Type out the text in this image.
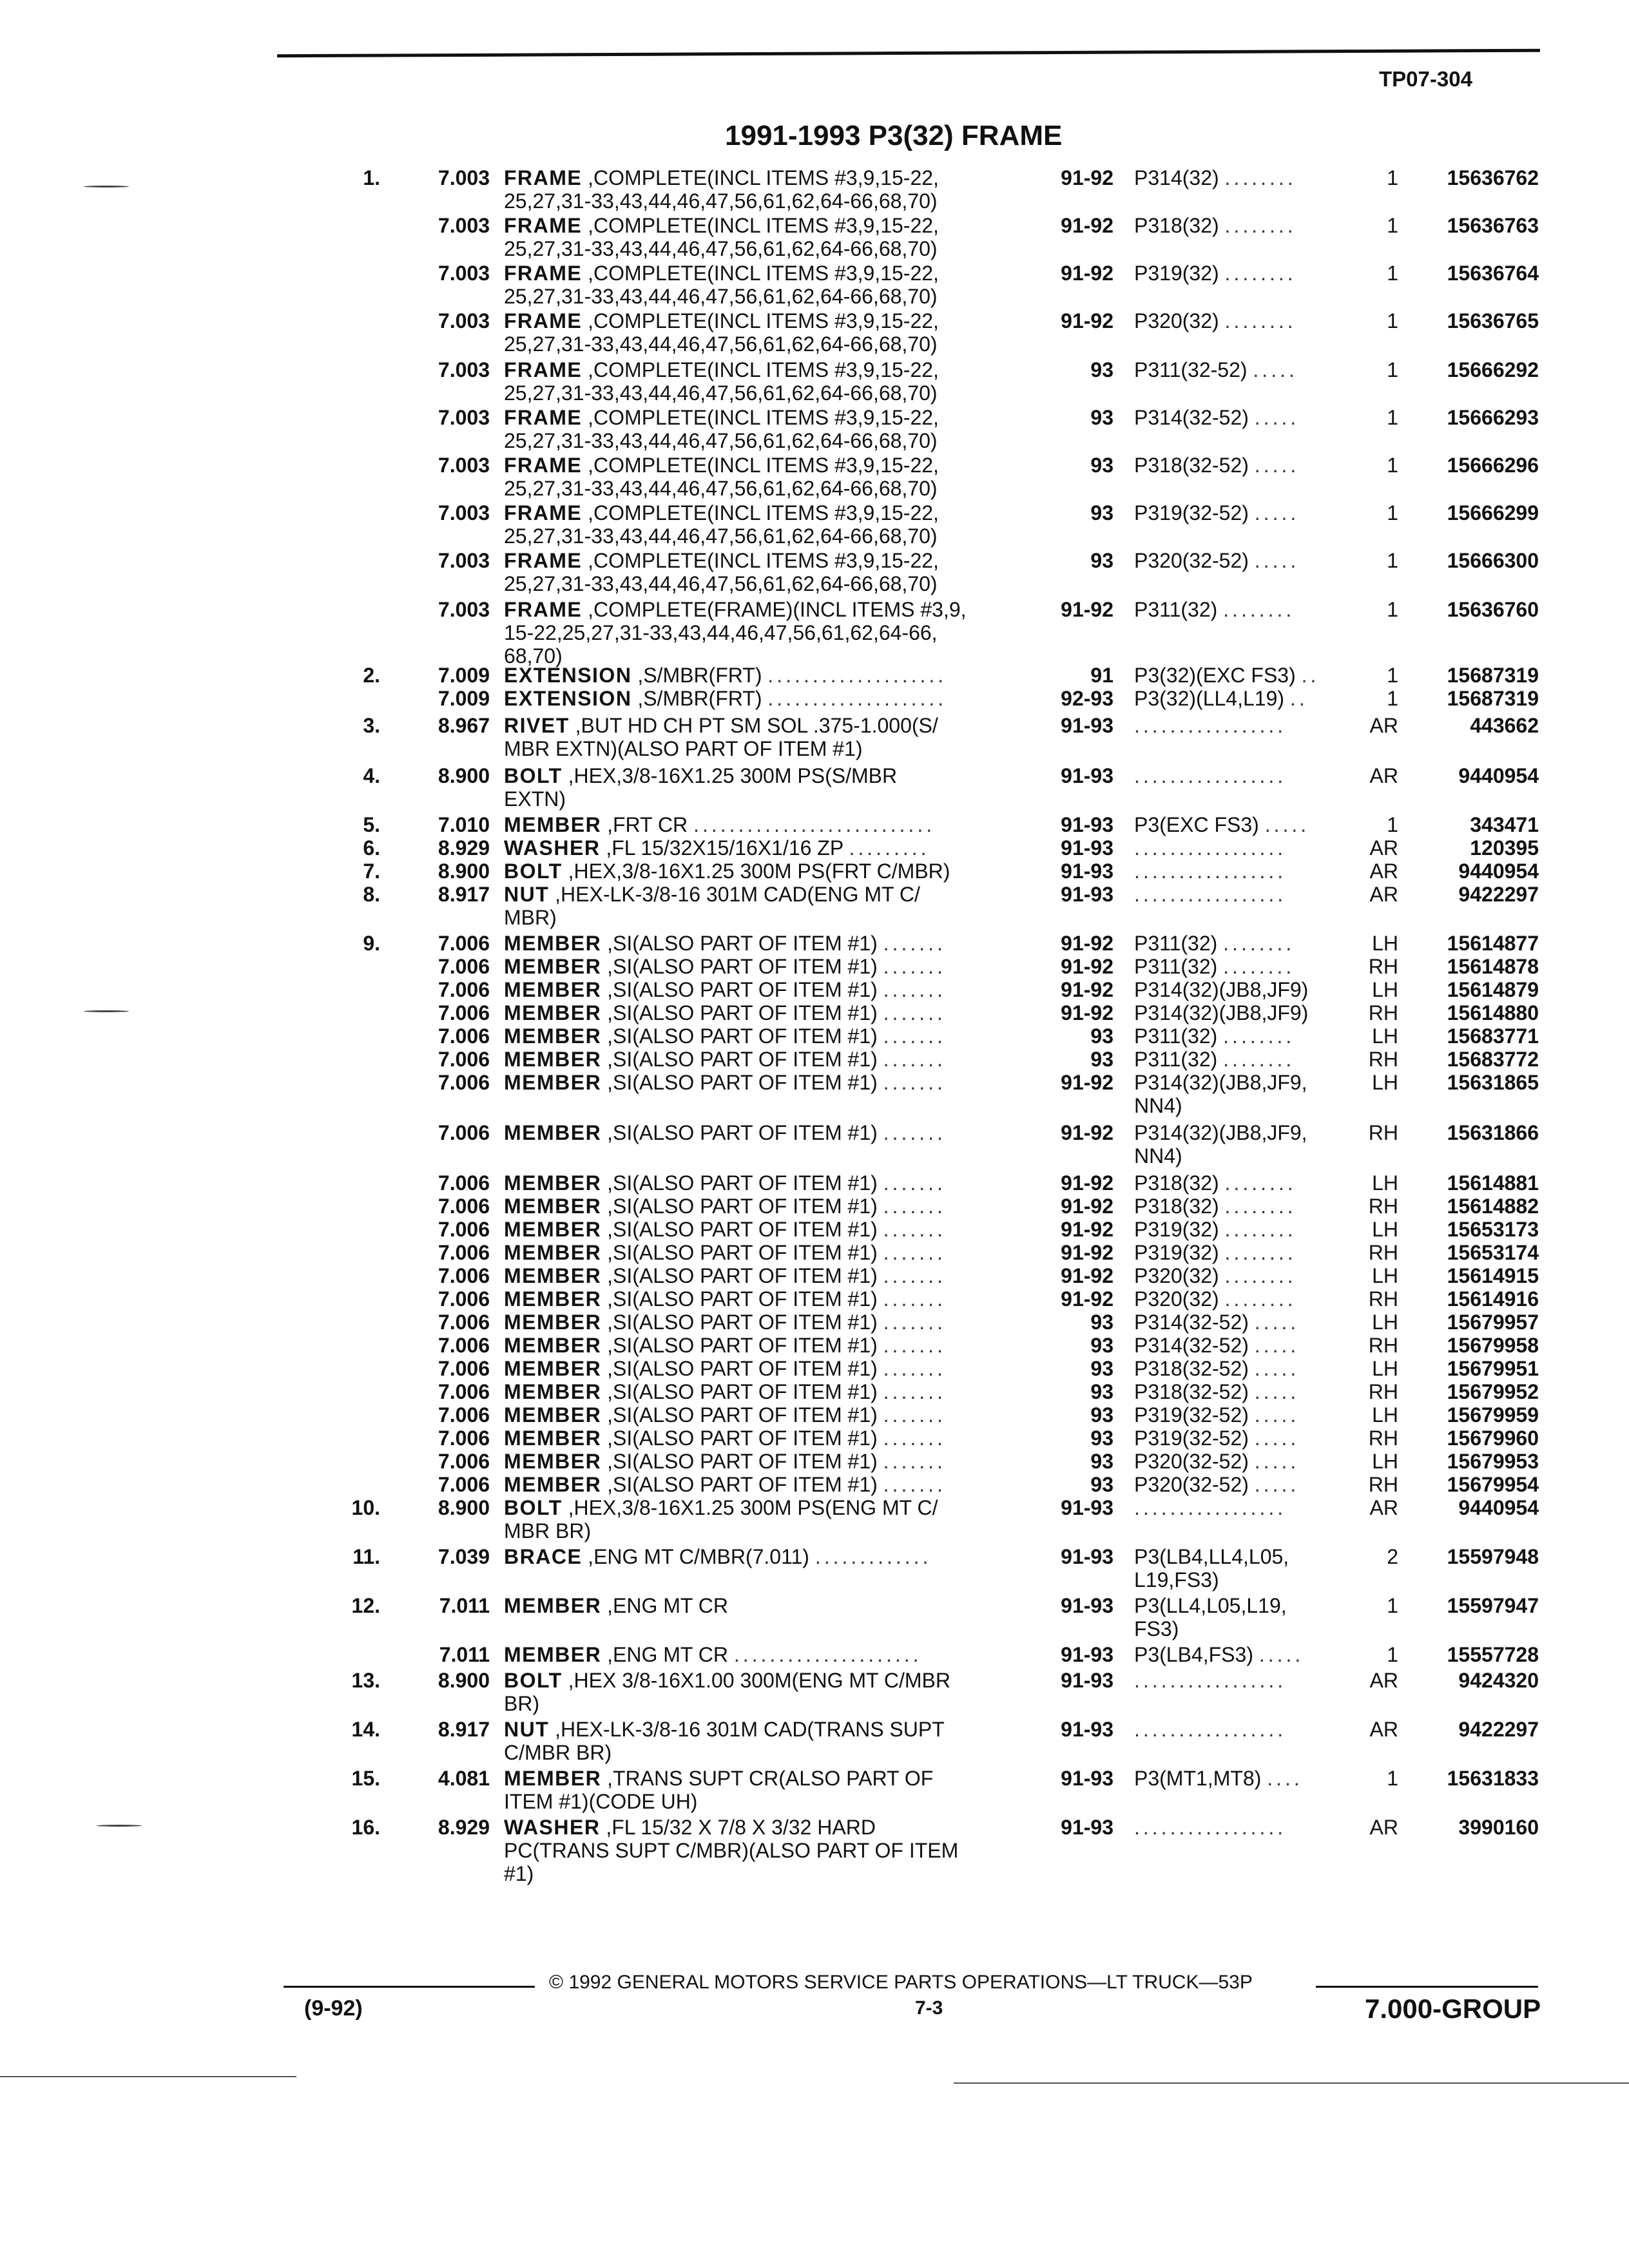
TP07-304
1991-1993 P3(32) FRAME
1.	7.003 FRAME ,COMPLETE(INCL ITEMS #3,9,15-22,
25,27,31-33,43,44,46,47,56,61,62,64-66,68,70)
91-92 P314(32) ........	1	15636762
7.003 FRAME ,COMPLETE(INCL ITEMS #3,9,15-22,
25,27,31-33,43,44,46,47,56,61,62,64-66,68,70)
91-92 P318(32) ........	1	15636763
7.003 FRAME ,COMPLETE(INCL ITEMS #3,9,15-22,
25,27,31-33,43,44,46,47,56,61,62,64-66,68,70)
91-92 P319(32) ........	1	15636764
7.003 FRAME ,COMPLETE(INCL ITEMS #3,9,15-22,
25,27,31-33,43,44,46,47,56,61,62,64-66,68,70)
91-92 P320(32) ........	1	15636765
7.003 FRAME ,COMPLETE(INCL ITEMS #3,9,15-22,
25,27,31-33,43,44,46,47,56,61,62,64-66,68,70)
93 P311(32-52) .....	1	15666292
7.003 FRAME ,COMPLETE(INCL ITEMS #3,9,15-22,
25,27,31-33,43,44,46,47,56,61,62,64-66,68,70)
93 P314(32-52) .....	1	15666293
7.003 FRAME ,COMPLETE(INCL ITEMS #3,9,15-22,
25,27,31-33,43,44,46,47,56,61,62,64-66,68,70)
93 P318(32-52) .....	1	15666296
7.003 FRAME ,COMPLETE(INCL ITEMS #3,9,15-22,
25,27,31-33,43,44,46,47,56,61,62,64-66,68,70)
93 P319(32-52) .....	1	15666299
7.003 FRAME ,COMPLETE(INCL ITEMS #3,9,15-22,
25,27,31-33,43,44,46,47,56,61,62,64-66,68,70)
93 P320(32-52) .....	1	15666300
7.003 FRAME ,COMPLETE(FRAME)(INCL ITEMS #3,9,
15-22,25,27,31-33,43,44,46,47,56,61,62,64-66,
68,70)
91-92 P311(32) ........	1	15636760
2.	7.009 EXTENSION ,S/MBR(FRT) ....................	91 P3(32)(EXC FS3) ..	1	15687319
7.009 EXTENSION ,S/MBR(FRT) ....................	92-93 P3(32)(LL4,L19) ..	1	15687319
3.	8.967 RIVET ,BUT HD CH PT SM SOL .375-1.000(S/
MBR EXTN)(ALSO PART OF ITEM #1)
91-93 .................	AR	443662
4.	8.900 BOLT ,HEX,3/8-16X1.25 300M PS(S/MBR
EXTN)
91-93 .................	AR	9440954
5.	7.010 MEMBER ,FRT CR ...........................	91-93 P3(EXC FS3) .....	1	343471
6.	8.929 WASHER ,FL 15/32X15/16X1/16 ZP .........	91-93 .................	AR	120395
7.	8.900 BOLT ,HEX,3/8-16X1.25 300M PS(FRT C/MBR)	91-93 .................	AR	9440954
8.	8.917 NUT ,HEX-LK-3/8-16 301M CAD(ENG MT C/
MBR)
91-93 .................	AR	9422297
9.	7.006 MEMBER ,SI(ALSO PART OF ITEM #1) .......	91-92 P311(32) ........	LH	15614877
7.006 MEMBER ,SI(ALSO PART OF ITEM #1) .......	91-92 P311(32) ........	RH	15614878
7.006 MEMBER ,SI(ALSO PART OF ITEM #1) .......	91-92 P314(32)(JB8,JF9)	LH	15614879
7.006 MEMBER ,SI(ALSO PART OF ITEM #1) .......	91-92 P314(32)(JB8,JF9)	RH	15614880
7.006 MEMBER ,SI(ALSO PART OF ITEM #1) .......	93 P311(32) ........	LH	15683771
7.006 MEMBER ,SI(ALSO PART OF ITEM #1) .......	93 P311(32) ........	RH	15683772
7.006 MEMBER ,SI(ALSO PART OF ITEM #1) .......	91-92 P314(32)(JB8,JF9,
NN4)
LH	15631865
7.006 MEMBER ,SI(ALSO PART OF ITEM #1) .......	91-92 P314(32)(JB8,JF9,
NN4)
RH	15631866
7.006 MEMBER ,SI(ALSO PART OF ITEM #1) .......	91-92 P318(32) ........	LH	15614881
7.006 MEMBER ,SI(ALSO PART OF ITEM #1) .......	91-92 P318(32) ........	RH	15614882
7.006 MEMBER ,SI(ALSO PART OF ITEM #1) .......	91-92 P319(32) ........	LH	15653173
7.006 MEMBER ,SI(ALSO PART OF ITEM #1) .......	91-92 P319(32) ........	RH	15653174
7.006 MEMBER ,SI(ALSO PART OF ITEM #1) .......	91-92 P320(32) ........	LH	15614915
7.006 MEMBER ,SI(ALSO PART OF ITEM #1) .......	91-92 P320(32) ........	RH	15614916
7.006 MEMBER ,SI(ALSO PART OF ITEM #1) .......	93 P314(32-52) .....	LH	15679957
7.006 MEMBER ,SI(ALSO PART OF ITEM #1) .......	93 P314(32-52) .....	RH	15679958
7.006 MEMBER ,SI(ALSO PART OF ITEM #1) .......	93 P318(32-52) .....	LH	15679951
7.006 MEMBER ,SI(ALSO PART OF ITEM #1) .......	93 P318(32-52) .....	RH	15679952
7.006 MEMBER ,SI(ALSO PART OF ITEM #1) .......	93 P319(32-52) .....	LH	15679959
7.006 MEMBER ,SI(ALSO PART OF ITEM #1) .......	93 P319(32-52) .....	RH	15679960
7.006 MEMBER ,SI(ALSO PART OF ITEM #1) .......	93 P320(32-52) .....	LH	15679953
7.006 MEMBER ,SI(ALSO PART OF ITEM #1) .......	93 P320(32-52) .....	RH	15679954
10.	8.900 BOLT ,HEX,3/8-16X1.25 300M PS(ENG MT C/
MBR BR)
91-93 .................	AR	9440954
11.	7.039 BRACE ,ENG MT C/MBR(7.011) .............	91-93 P3(LB4,LL4,L05,
L19,FS3)
2	15597948
12.	7.011 MEMBER ,ENG MT CR	91-93 P3(LL4,L05,L19,
FS3)
1	15597947
7.011 MEMBER ,ENG MT CR .....................	91-93 P3(LB4,FS3) .....	1	15557728
13.	8.900 BOLT ,HEX 3/8-16X1.00 300M(ENG MT C/MBR
BR)
91-93 .................	AR	9424320
14.	8.917 NUT ,HEX-LK-3/8-16 301M CAD(TRANS SUPT
C/MBR BR)
91-93 .................	AR	9422297
15.	4.081 MEMBER ,TRANS SUPT CR(ALSO PART OF
ITEM #1)(CODE UH)
91-93 P3(MT1,MT8) ....	1	15631833
16.	8.929 WASHER ,FL 15/32 X 7/8 X 3/32 HARD
PC(TRANS SUPT C/MBR)(ALSO PART OF ITEM
#1)
91-93 .................	AR	3990160
© 1992 GENERAL MOTORS SERVICE PARTS OPERATIONS—LT TRUCK—53P
(9-92)	7-3	7.000-GROUP
